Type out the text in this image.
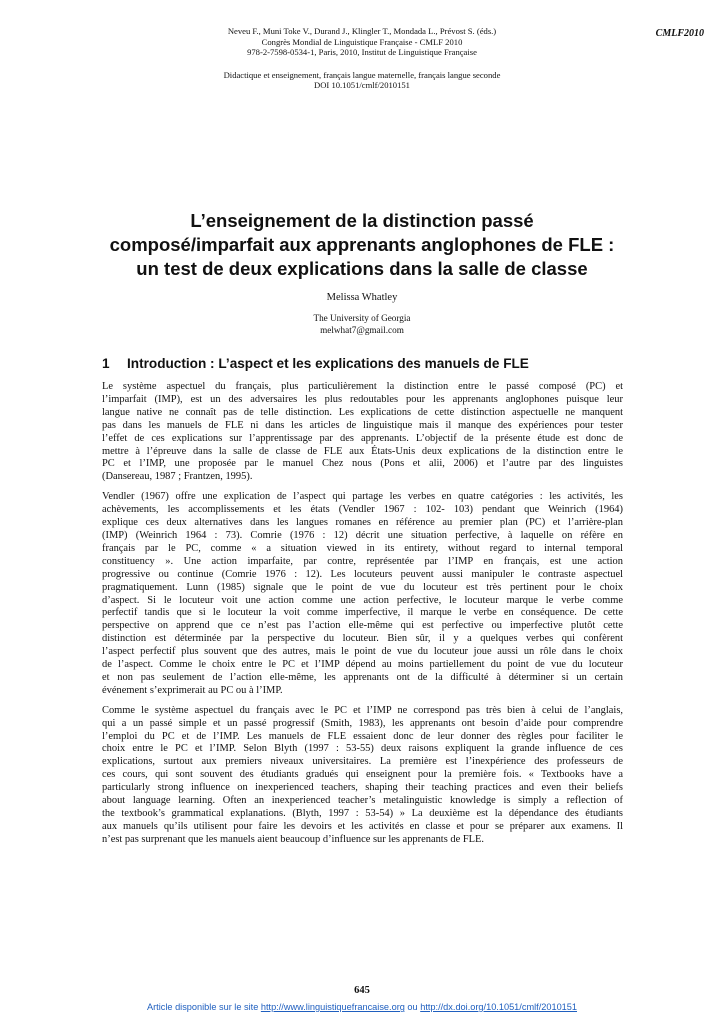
Neveu F., Muni Toke V., Durand J., Klingler T., Mondada L., Prévost S. (éds.)
Congrès Mondial de Linguistique Française - CMLF 2010
978-2-7598-0534-1, Paris, 2010, Institut de Linguistique Française
Didactique et enseignement, français langue maternelle, français langue seconde
DOI 10.1051/cmlf/2010151
CMLF2010
L’enseignement de la distinction passé
composé/imparfait aux apprenants anglophones de FLE :
un test de deux explications dans la salle de classe
Melissa Whatley
The University of Georgia
melwhat7@gmail.com
1 Introduction : L’aspect et les explications des manuels de FLE
Le système aspectuel du français, plus particulièrement la distinction entre le passé composé (PC) et
l’imparfait (IMP), est un des adversaires les plus redoutables pour les apprenants anglophones puisque leur
langue native ne connaît pas de telle distinction. Les explications de cette distinction aspectuelle ne manquent
pas dans les manuels de FLE ni dans les articles de linguistique mais il manque des expériences pour tester
l’effet de ces explications sur l’apprentissage par des apprenants. L’objectif de la présente étude est donc de
mettre à l’épreuve dans la salle de classe de FLE aux États-Unis deux explications de la distinction entre le
PC et l’IMP, une proposée par le manuel Chez nous (Pons et alii, 2006) et l’autre par des linguistes
(Dansereau, 1987 ; Frantzen, 1995).
Vendler (1967) offre une explication de l’aspect qui partage les verbes en quatre catégories : les activités, les
achèvements, les accomplissements et les états (Vendler 1967 : 102- 103) pendant que Weinrich (1964)
explique ces deux alternatives dans les langues romanes en référence au premier plan (PC) et l’arrière-plan
(IMP) (Weinrich 1964 : 73). Comrie (1976 : 12) décrit une situation perfective, à laquelle on réfère en
français par le PC, comme « a situation viewed in its entirety, without regard to internal temporal
constituency ». Une action imparfaite, par contre, représentée par l’IMP en français, est une action
progressive ou continue (Comrie 1976 : 12). Les locuteurs peuvent aussi manipuler le contraste aspectuel
pragmatiquement. Lunn (1985) signale que le point de vue du locuteur est très pertinent pour le choix
d’aspect. Si le locuteur voit une action comme une action perfective, le locuteur marque le verbe comme
perfectif tandis que si le locuteur la voit comme imperfective, il marque le verbe en conséquence. De cette
perspective on apprend que ce n’est pas l’action elle-même qui est perfective ou imperfective plutôt cette
distinction est déterminée par la perspective du locuteur. Bien sûr, il y a quelques verbes qui confèrent
l’aspect perfectif plus souvent que des autres, mais le point de vue du locuteur joue aussi un rôle dans le choix
de l’aspect. Comme le choix entre le PC et l’IMP dépend au moins partiellement du point de vue du locuteur
et non pas seulement de l’action elle-même, les apprenants ont de la difficulté à déterminer si un certain
événement s’exprimerait au PC ou à l’IMP.
Comme le système aspectuel du français avec le PC et l’IMP ne correspond pas très bien à celui de l’anglais,
qui a un passé simple et un passé progressif (Smith, 1983), les apprenants ont besoin d’aide pour comprendre
l’emploi du PC et de l’IMP. Les manuels de FLE essaient donc de leur donner des règles pour faciliter le
choix entre le PC et l’IMP. Selon Blyth (1997 : 53-55) deux raisons expliquent la grande influence de ces
explications, surtout aux premiers niveaux universitaires. La première est l’inexpérience des professeurs de
ces cours, qui sont souvent des étudiants gradués qui enseignent pour la première fois. « Textbooks have a
particularly strong influence on inexperienced teachers, shaping their teaching practices and even their beliefs
about language learning. Often an inexperienced teacher’s metalinguistic knowledge is simply a reflection of
the textbook’s grammatical explanations. (Blyth, 1997 : 53-54) » La deuxième est la dépendance des étudiants
aux manuels qu’ils utilisent pour faire les devoirs et les activités en classe et pour se préparer aux examens. Il
n’est pas surprenant que les manuels aient beaucoup d’influence sur les apprenants de FLE.
645
Article disponible sur le site http://www.linguistiquefrancaise.org ou http://dx.doi.org/10.1051/cmlf/2010151
